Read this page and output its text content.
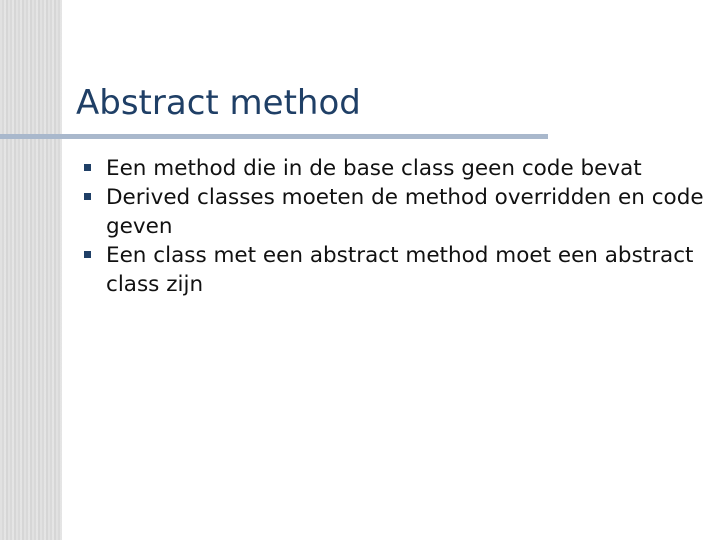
Abstract method
Een method die in de base class geen code bevat
Derived classes moeten de method overridden en code geven
Een class met een abstract method moet een abstract class zijn
